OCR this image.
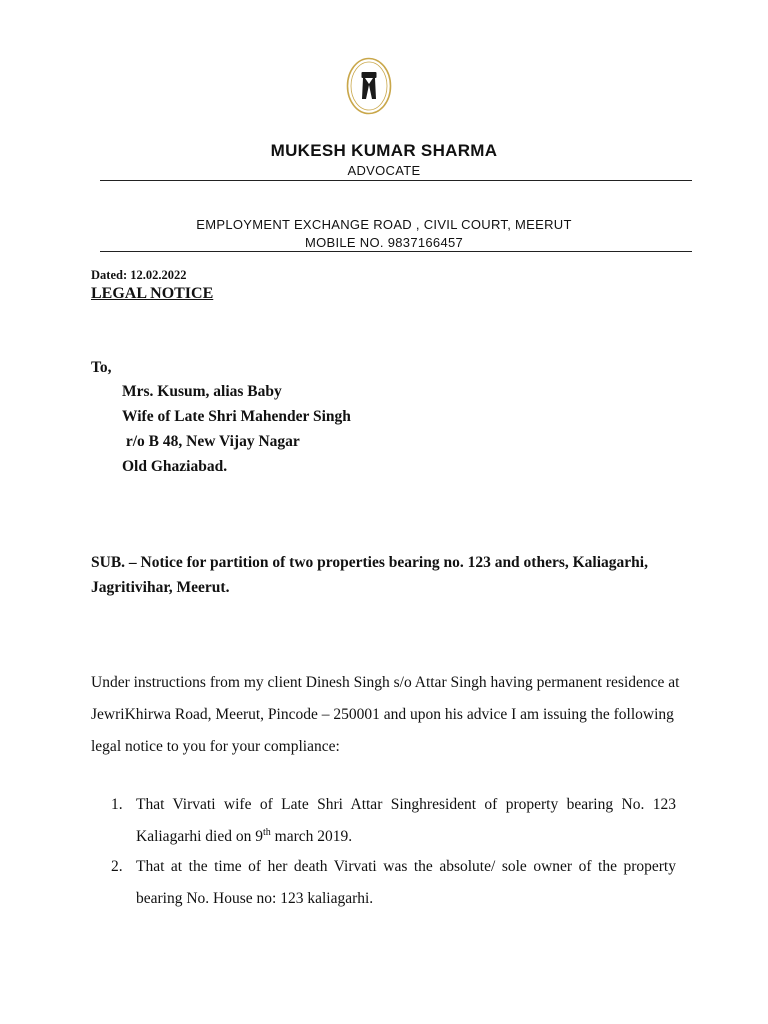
MUKESH KUMAR SHARMA
ADVOCATE
EMPLOYMENT EXCHANGE ROAD , CIVIL COURT, MEERUT
MOBILE NO. 9837166457
Dated: 12.02.2022
LEGAL NOTICE
To,
Mrs. Kusum, alias Baby
Wife of Late Shri Mahender Singh
r/o B 48, New Vijay Nagar
Old Ghaziabad.
SUB. – Notice for partition of two properties bearing no. 123 and others, Kaliagarhi, Jagritivihar, Meerut.
Under instructions from my client Dinesh Singh s/o Attar Singh having permanent residence at JewriKhirwa Road, Meerut, Pincode – 250001 and upon his advice I am issuing the following legal notice to you for your compliance:
1. That Virvati wife of Late Shri Attar Singhresident of property bearing No. 123 Kaliagarhi died on 9th march 2019.
2. That at the time of her death Virvati was the absolute/ sole owner of the property bearing No. House no: 123 kaliagarhi.
